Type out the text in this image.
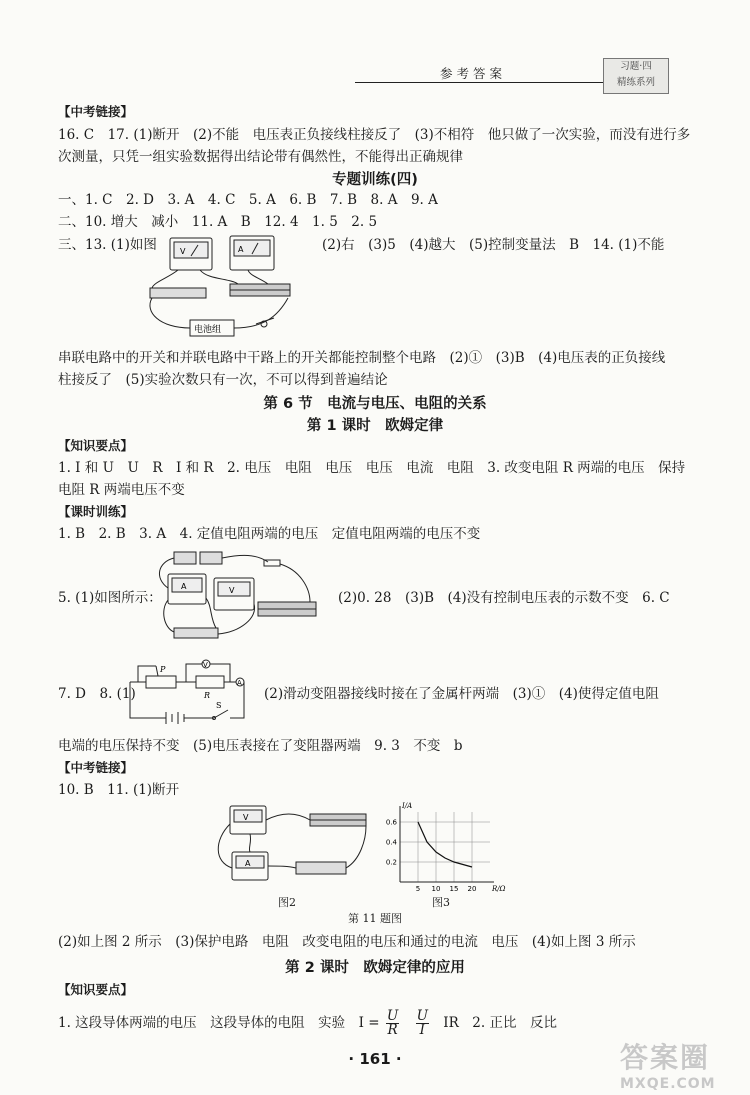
参考答案	习题·四
精练系列
【中考链接】
16. C　17. (1)断开　(2)不能　电压表正负接线柱接反了　(3)不相符　他只做了一次实验，而没有进行多
次测量，只凭一组实验数据得出结论带有偶然性，不能得出正确规律
专题训练(四)
一、1. C　2. D　3. A　4. C　5. A　6. B　7. B　8. A　9. A
二、10. 增大　减小　11. A　B　12. 4　1. 5　2. 5
三、13. (1)如图	(2)右　(3)5　(4)越大　(5)控制变量法　B　14. (1)不能
V	A
电池组
串联电路中的开关和并联电路中干路上的开关都能控制整个电路　(2)①　(3)B　(4)电压表的正负接线
柱接反了　(5)实验次数只有一次，不可以得到普遍结论
第 6 节　电流与电压、电阻的关系
第 1 课时　欧姆定律
【知识要点】
1. I 和 U　U　R　I 和 R　2. 电压　电阻　电压　电压　电流　电阻　3. 改变电阻 R 两端的电压　保持
电阻 R 两端电压不变
【课时训练】
1. B　2. B　3. A　4. 定值电阻两端的电压　定值电阻两端的电压不变
A	V
5. (1)如图所示：	(2)0. 28　(3)B　(4)没有控制电压表的示数不变　6. C
A
V
R
P
S
7. D　8. (1)	(2)滑动变阻器接线时接在了金属杆两端　(3)①　(4)使得定值电阻
电端的电压保持不变　(5)电压表接在了变阻器两端　9. 3　不变　b
【中考链接】
10. B　11. (1)断开
V
A
图2
5 10 15 20
0.2
0.4
0.6
I/A
R/Ω
图3
第 11 题图
(2)如上图 2 所示　(3)保护电路　电阻　改变电阻的电压和通过的电流　电压　(4)如上图 3 所示
第 2 课时　欧姆定律的应用
【知识要点】
1. 这段导体两端的电压　这段导体的电阻　实验　$I = \frac{U}{R}$
$\frac{U}{I}$ IR　2. 正比　反比
· 161 ·	答案圈
MXQE.COM
